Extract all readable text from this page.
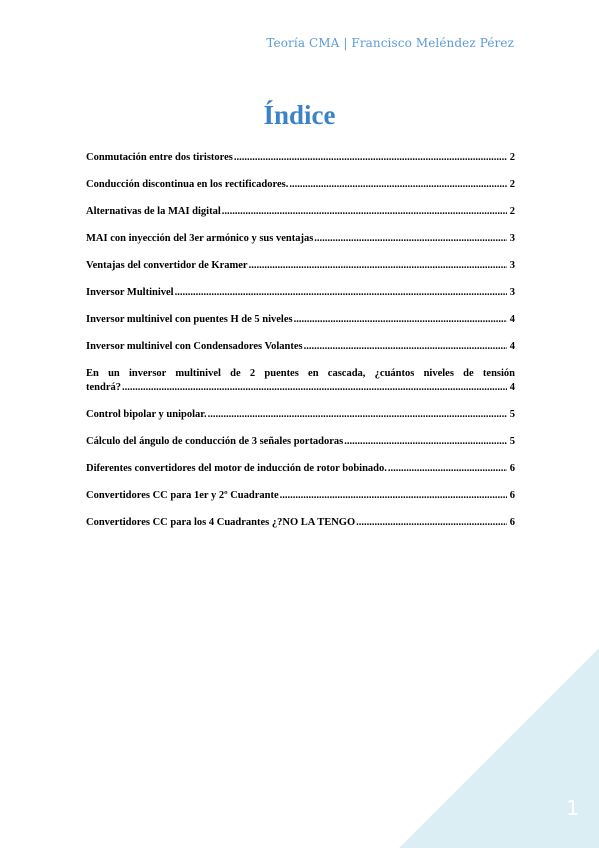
Teoría CMA | Francisco Meléndez Pérez
Índice
Conmutación entre dos tiristores .....	2
Conducción discontinua en los rectificadores. .....	2
Alternativas de la MAI digital .....	2
MAI con inyección del 3er armónico y sus ventajas .....	3
Ventajas del convertidor de Kramer .....	3
Inversor Multinivel .....	3
Inversor multinivel con puentes H de 5 niveles .....	4
Inversor multinivel con Condensadores Volantes .....	4
En un inversor multinivel de 2 puentes en cascada, ¿cuántos niveles de tensión
tendrá? .....	4
Control bipolar y unipolar. .....	5
Cálculo del ángulo de conducción de 3 señales portadoras .....	5
Diferentes convertidores del motor de inducción de rotor bobinado. .....	6
Convertidores CC para 1er y 2º Cuadrante .....	6
Convertidores CC para los 4 Cuadrantes ¿?NO LA TENGO .....	6
1
